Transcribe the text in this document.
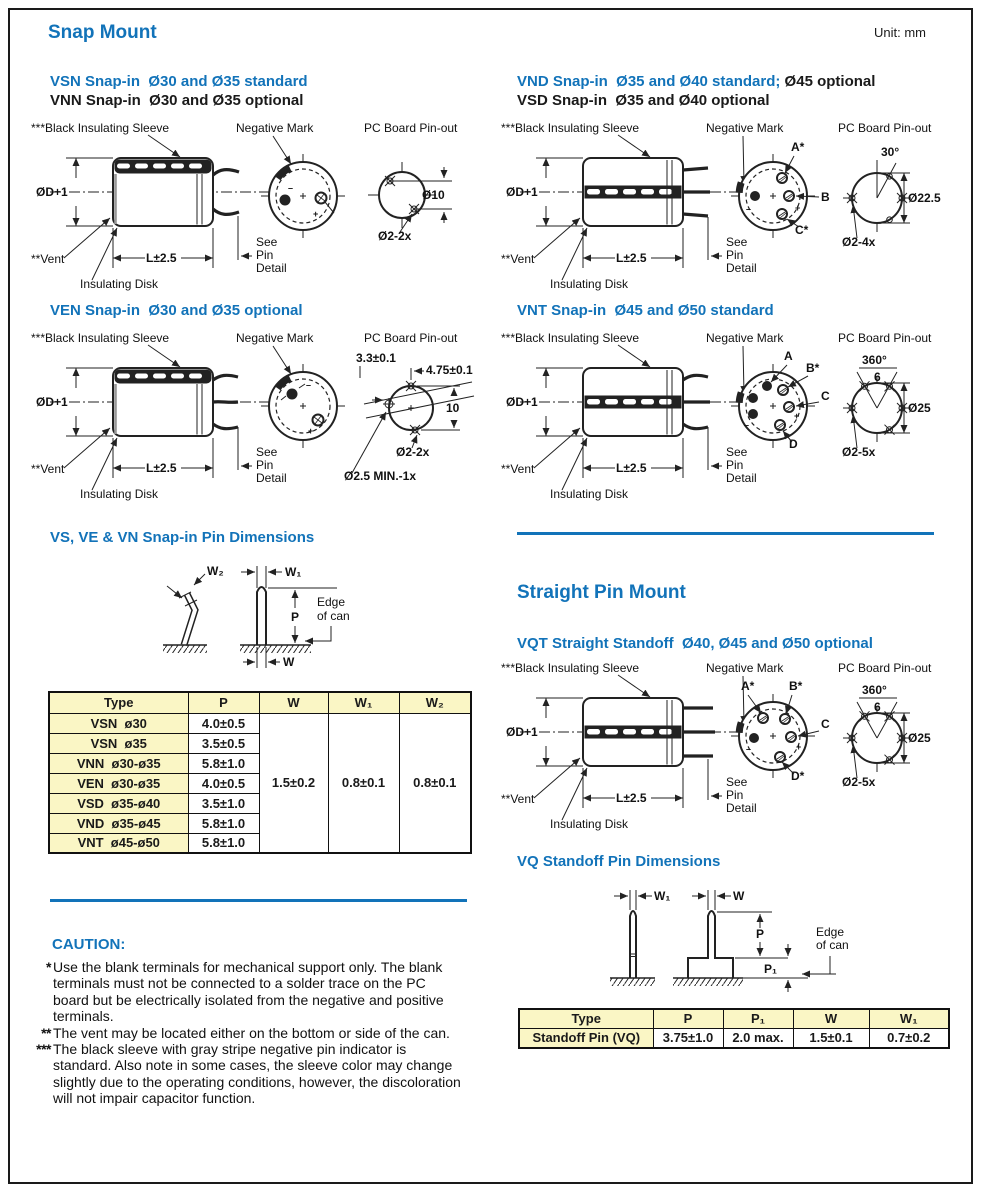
Snap Mount	Unit: mm
VSN Snap-in  Ø30 and Ø35 standard
VNN Snap-in  Ø30 and Ø35 optional
***Black Insulating Sleeve	Negative Mark	PC Board Pin-out
ØD+1
**Vent
Insulating Disk
L±2.5
See
Pin
Detail
–
+
Ø10
Ø2-2x
VEN Snap-in  Ø30 and Ø35 optional
***Black Insulating Sleeve	Negative Mark	PC Board Pin-out
ØD+1
**Vent
Insulating Disk
L±2.5
See
Pin
Detail
–
+
3.3±0.1
4.75±0.1
10
Ø2-2x
Ø2.5 MIN.-1x
VS, VE & VN Snap-in Pin Dimensions
W₂	W₁
P
W
Edge
of can
Type	P	W	W₁	W₂
VSN  ø30	4.0±0.5	1.5±0.2	0.8±0.1	0.8±0.1
VSN  ø35	3.5±0.5			
VNN  ø30-ø35	5.8±1.0			
VEN  ø30-ø35	4.0±0.5			
VSD  ø35-ø40	3.5±1.0			
VND  ø35-ø45	5.8±1.0			
VNT  ø45-ø50	5.8±1.0			
CAUTION:
* Use the blank terminals for mechanical support only. The blank terminals must not be connected to a solder trace on the PC board but be electrically isolated from the negative and positive terminals.
** The vent may be located either on the bottom or side of the can.
*** The black sleeve with gray stripe negative pin indicator is standard. Also note in some cases, the sleeve color may change slightly due to the operating conditions, however, the discoloration will not impair capacitor function.
VND Snap-in  Ø35 and Ø40 standard; Ø45 optional
VSD Snap-in  Ø35 and Ø40 optional
***Black Insulating Sleeve	Negative Mark	PC Board Pin-out
ØD+1
**Vent
Insulating Disk
L±2.5
See
Pin
Detail
–	+
A*
B
C*
30°
Ø22.5
Ø2-4x
VNT Snap-in  Ø45 and Ø50 standard
***Black Insulating Sleeve	Negative Mark	PC Board Pin-out
ØD+1
**Vent
Insulating Disk
L±2.5
See
Pin
Detail
–
+
A
B*
C
D
360°
6
Ø25
Ø2-5x
Straight Pin Mount
VQT Straight Standoff  Ø40, Ø45 and Ø50 optional
***Black Insulating Sleeve	Negative Mark	PC Board Pin-out
ØD+1
**Vent
Insulating Disk
L±2.5
See
Pin
Detail
–	+
A*	B*
C
D*
360°
6
Ø25
Ø2-5x
VQ Standoff Pin Dimensions
W₁	W
P
P₁
Edge
of can
Type	P	P₁	W	W₁
Standoff Pin (VQ)	3.75±1.0	2.0 max.	1.5±0.1	0.7±0.2
